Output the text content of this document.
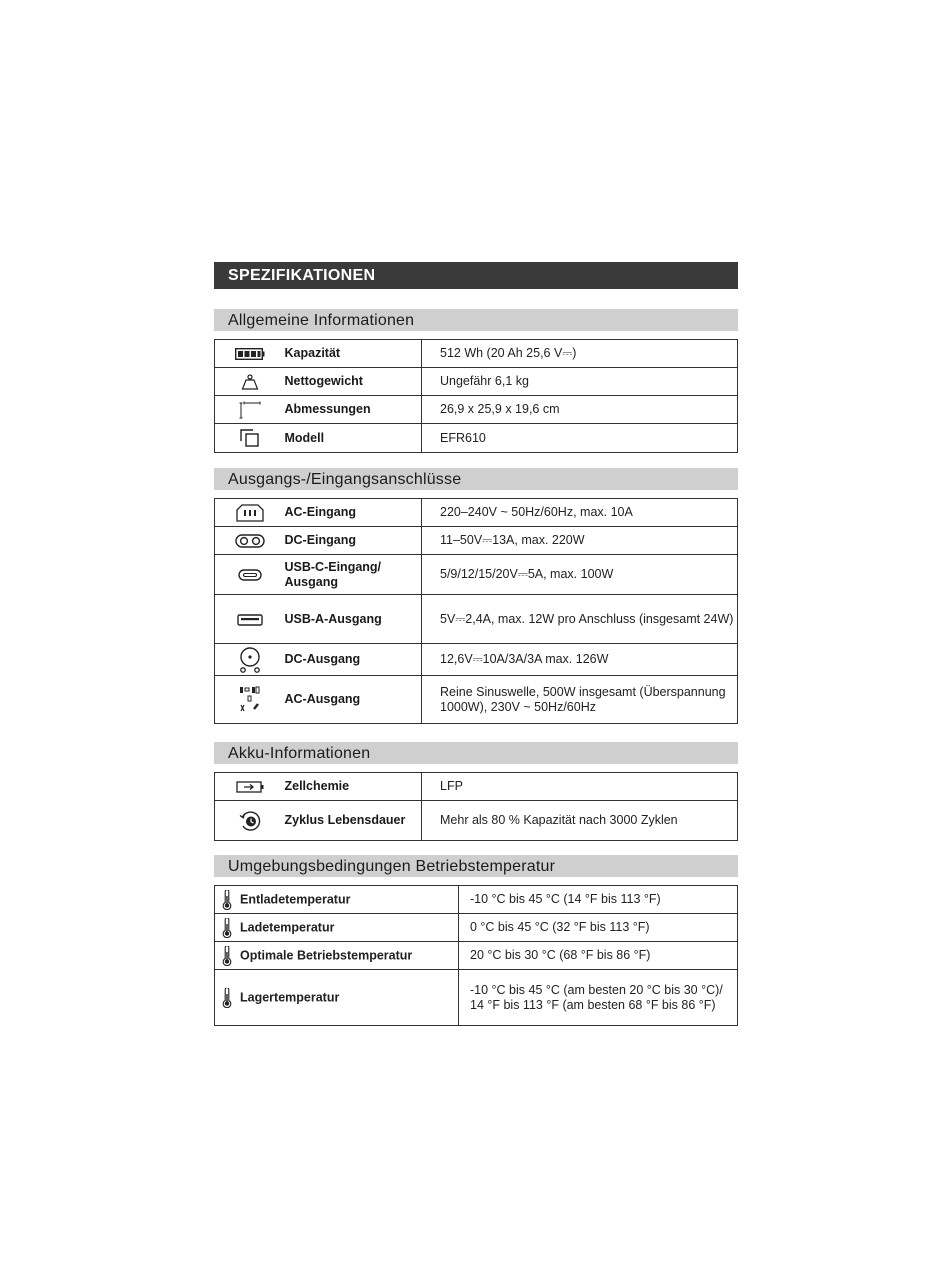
SPEZIFIKATIONEN
Allgemeine Informationen
	Kapazität	512 Wh (20 Ah 25,6 V⎓)
	Nettogewicht	Ungefähr 6,1 kg
	Abmessungen	26,9 x 25,9 x 19,6 cm
	Modell	EFR610
Ausgangs-/Eingangsanschlüsse
	AC-Eingang	220–240V ~ 50Hz/60Hz, max. 10A
	DC-Eingang	11–50V⎓13A, max. 220W
	USB-C-Eingang/ Ausgang	5/9/12/15/20V⎓5A, max. 100W
	USB-A-Ausgang	5V⎓2,4A, max. 12W pro Anschluss (insgesamt 24W)
	DC-Ausgang	12,6V⎓10A/3A/3A max. 126W
	AC-Ausgang	Reine Sinuswelle, 500W insgesamt (Überspannung 1000W), 230V ~ 50Hz/60Hz
Akku-Informationen
	Zellchemie	LFP
	Zyklus Lebensdauer	Mehr als 80 % Kapazität nach 3000 Zyklen
Umgebungsbedingungen Betriebstemperatur
Entladetemperatur	-10 °C bis 45 °C (14 °F bis 113 °F)
Ladetemperatur	0 °C bis 45 °C (32 °F bis 113 °F)
Optimale Betriebstemperatur	20 °C bis 30 °C (68 °F bis 86 °F)
Lagertemperatur	-10 °C bis 45 °C (am besten 20 °C bis 30 °C)/ 14 °F bis 113 °F (am besten 68 °F bis 86 °F)
